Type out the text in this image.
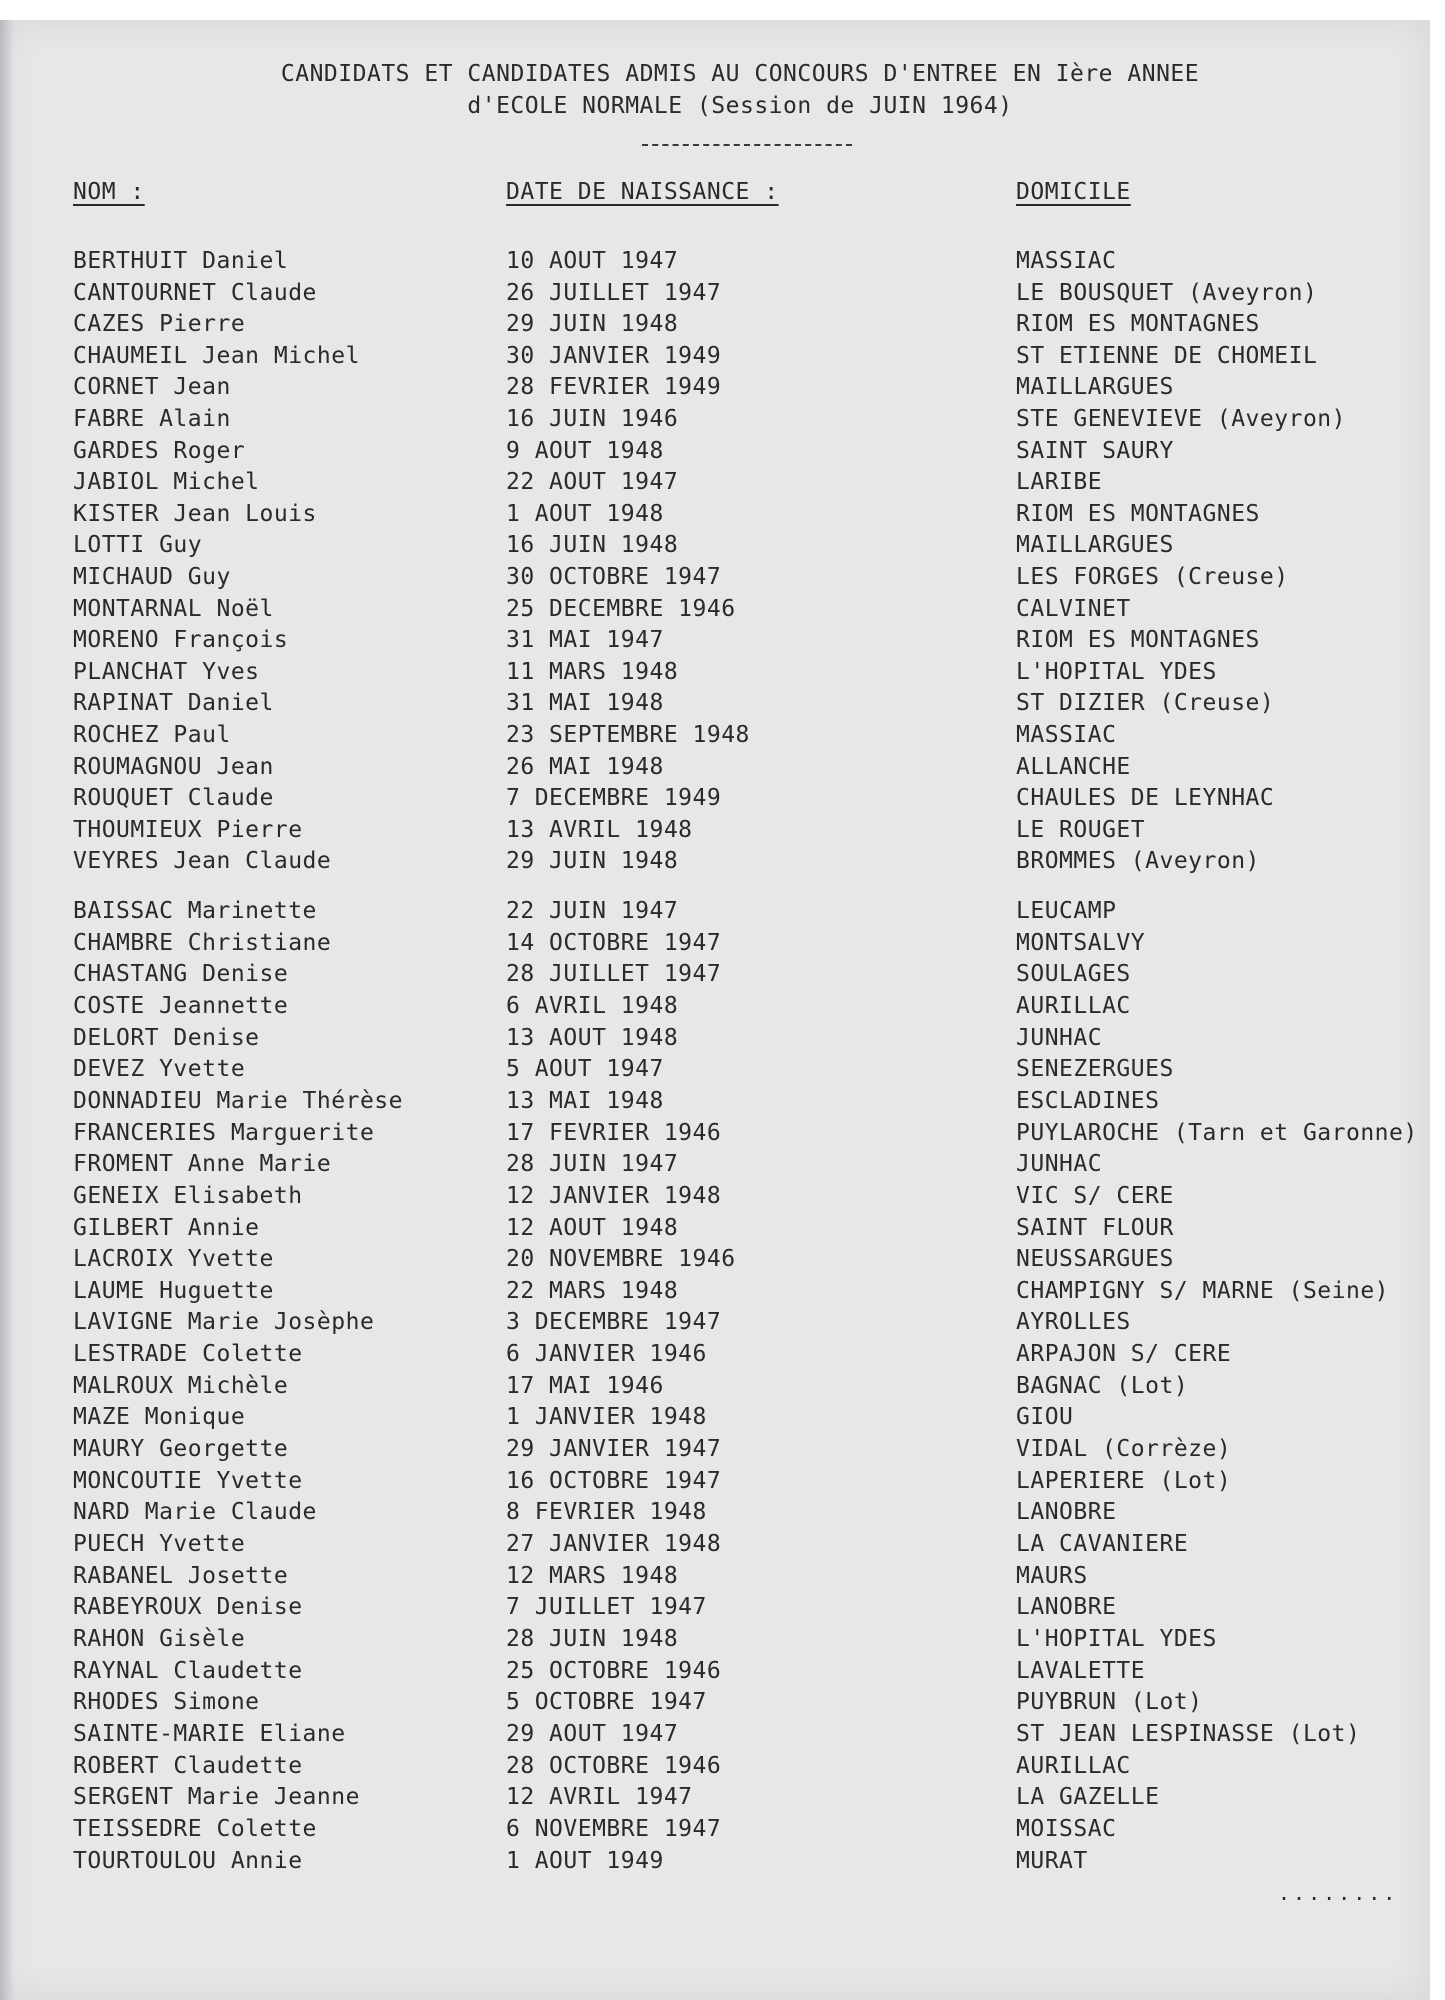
CANDIDATS ET CANDIDATES ADMIS AU CONCOURS D'ENTREE EN Ière ANNEE
d'ECOLE NORMALE (Session de JUIN 1964)
NOM :	DATE DE NAISSANCE :	DOMICILE
BERTHUIT Daniel	10 AOUT 1947	MASSIAC
CANTOURNET Claude	26 JUILLET 1947	LE BOUSQUET (Aveyron)
CAZES Pierre	29 JUIN 1948	RIOM ES MONTAGNES
CHAUMEIL Jean Michel	30 JANVIER 1949	ST ETIENNE DE CHOMEIL
CORNET Jean	28 FEVRIER 1949	MAILLARGUES
FABRE Alain	16 JUIN 1946	STE GENEVIEVE (Aveyron)
GARDES Roger	9 AOUT 1948	SAINT SAURY
JABIOL Michel	22 AOUT 1947	LARIBE
KISTER Jean Louis	1 AOUT 1948	RIOM ES MONTAGNES
LOTTI Guy	16 JUIN 1948	MAILLARGUES
MICHAUD Guy	30 OCTOBRE 1947	LES FORGES (Creuse)
MONTARNAL Noël	25 DECEMBRE 1946	CALVINET
MORENO François	31 MAI 1947	RIOM ES MONTAGNES
PLANCHAT Yves	11 MARS 1948	L'HOPITAL YDES
RAPINAT Daniel	31 MAI 1948	ST DIZIER (Creuse)
ROCHEZ Paul	23 SEPTEMBRE 1948	MASSIAC
ROUMAGNOU Jean	26 MAI 1948	ALLANCHE
ROUQUET Claude	7 DECEMBRE 1949	CHAULES DE LEYNHAC
THOUMIEUX Pierre	13 AVRIL 1948	LE ROUGET
VEYRES Jean Claude	29 JUIN 1948	BROMMES (Aveyron)
BAISSAC Marinette	22 JUIN 1947	LEUCAMP
CHAMBRE Christiane	14 OCTOBRE 1947	MONTSALVY
CHASTANG Denise	28 JUILLET 1947	SOULAGES
COSTE Jeannette	6 AVRIL 1948	AURILLAC
DELORT Denise	13 AOUT 1948	JUNHAC
DEVEZ Yvette	5 AOUT 1947	SENEZERGUES
DONNADIEU Marie Thérèse	13 MAI 1948	ESCLADINES
FRANCERIES Marguerite	17 FEVRIER 1946	PUYLAROCHE (Tarn et Garonne)
FROMENT Anne Marie	28 JUIN 1947	JUNHAC
GENEIX Elisabeth	12 JANVIER 1948	VIC S/ CERE
GILBERT Annie	12 AOUT 1948	SAINT FLOUR
LACROIX Yvette	20 NOVEMBRE 1946	NEUSSARGUES
LAUME Huguette	22 MARS 1948	CHAMPIGNY S/ MARNE (Seine)
LAVIGNE Marie Josèphe	3 DECEMBRE 1947	AYROLLES
LESTRADE Colette	6 JANVIER 1946	ARPAJON S/ CERE
MALROUX Michèle	17 MAI 1946	BAGNAC (Lot)
MAZE Monique	1 JANVIER 1948	GIOU
MAURY Georgette	29 JANVIER 1947	VIDAL (Corrèze)
MONCOUTIE Yvette	16 OCTOBRE 1947	LAPERIERE (Lot)
NARD Marie Claude	8 FEVRIER 1948	LANOBRE
PUECH Yvette	27 JANVIER 1948	LA CAVANIERE
RABANEL Josette	12 MARS 1948	MAURS
RABEYROUX Denise	7 JUILLET 1947	LANOBRE
RAHON Gisèle	28 JUIN 1948	L'HOPITAL YDES
RAYNAL Claudette	25 OCTOBRE 1946	LAVALETTE
RHODES Simone	5 OCTOBRE 1947	PUYBRUN (Lot)
SAINTE-MARIE Eliane	29 AOUT 1947	ST JEAN LESPINASSE (Lot)
ROBERT Claudette	28 OCTOBRE 1946	AURILLAC
SERGENT Marie Jeanne	12 AVRIL 1947	LA GAZELLE
TEISSEDRE Colette	6 NOVEMBRE 1947	MOISSAC
TOURTOULOU Annie	1 AOUT 1949	MURAT
........
